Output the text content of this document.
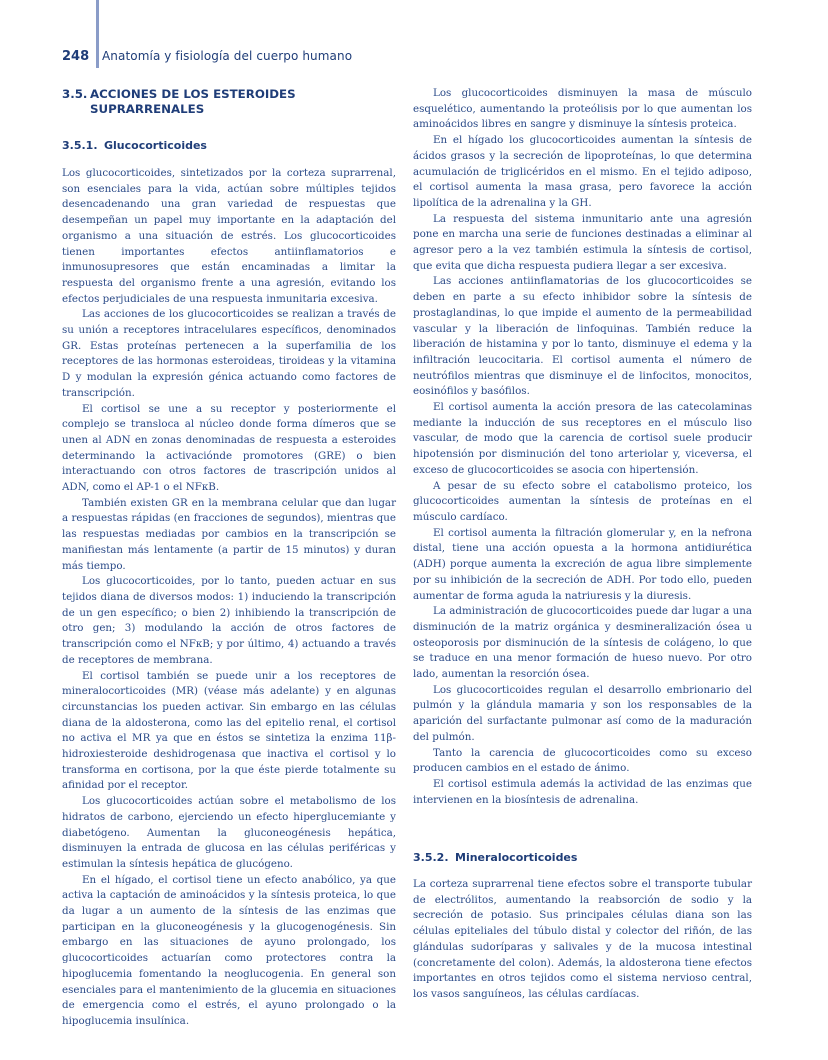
248 Anatomía y fisiología del cuerpo humano
3.5. ACCIONES DE LOS ESTEROIDES
SUPRARRENALES
3.5.1. Glucocorticoides

Los glucocorticoides, sintetizados por la corteza suprarrenal, son esenciales para la vida, actúan sobre múltiples tejidos desencadenando una gran variedad de respuestas que desempeñan un papel muy importante en la adaptación del organismo a una situación de estrés. Los glucocorticoides tienen importantes efectos antiinflamatorios e inmunosupresores que están encaminadas a limitar la respuesta del organismo frente a una agresión, evitando los efectos perjudiciales de una respuesta inmunitaria excesiva.

Las acciones de los glucocorticoides se realizan a través de su unión a receptores intracelulares específicos, denominados GR. Estas proteínas pertenecen a la superfamilia de los receptores de las hormonas esteroideas, tiroideas y la vitamina D y modulan la expresión génica actuando como factores de transcripción.

El cortisol se une a su receptor y posteriormente el complejo se transloca al núcleo donde forma dímeros que se unen al ADN en zonas denominadas de respuesta a esteroides determinando la activaciónde promotores (GRE) o bien interactuando con otros factores de trascripción unidos al ADN, como el AP-1 o el NFκB.

También existen GR en la membrana celular que dan lugar a respuestas rápidas (en fracciones de segundos), mientras que las respuestas mediadas por cambios en la transcripción se manifiestan más lentamente (a partir de 15 minutos) y duran más tiempo.

Los glucocorticoides, por lo tanto, pueden actuar en sus tejidos diana de diversos modos: 1) induciendo la transcripción de un gen específico; o bien 2) inhibiendo la transcripción de otro gen; 3) modulando la acción de otros factores de transcripción como el NFκB; y por último, 4) actuando a través de receptores de membrana.

El cortisol también se puede unir a los receptores de mineralocorticoides (MR) (véase más adelante) y en algunas circunstancias los pueden activar. Sin embargo en las células diana de la aldosterona, como las del epitelio renal, el cortisol no activa el MR ya que en éstos se sintetiza la enzima 11β-hidroxiesteroide deshidrogenasa que inactiva el cortisol y lo transforma en cortisona, por la que éste pierde totalmente su afinidad por el receptor.

Los glucocorticoides actúan sobre el metabolismo de los hidratos de carbono, ejerciendo un efecto hiperglucemiante y diabetógeno. Aumentan la gluconeogénesis hepática, disminuyen la entrada de glucosa en las células periféricas y estimulan la síntesis hepática de glucógeno.

En el hígado, el cortisol tiene un efecto anabólico, ya que activa la captación de aminoácidos y la síntesis proteica, lo que da lugar a un aumento de la síntesis de las enzimas que participan en la gluconeogénesis y la glucogenogénesis. Sin embargo en las situaciones de ayuno prolongado, los glucocorticoides actuarían como protectores contra la hipoglucemia fomentando la neoglucogenia. En general son esenciales para el mantenimiento de la glucemia en situaciones de emergencia como el estrés, el ayuno prolongado o la hipoglucemia insulínica.

Los glucocorticoides disminuyen la masa de músculo esquelético, aumentando la proteólisis por lo que aumentan los aminoácidos libres en sangre y disminuye la síntesis proteica.

En el hígado los glucocorticoides aumentan la síntesis de ácidos grasos y la secreción de lipoproteínas, lo que determina acumulación de triglicéridos en el mismo. En el tejido adiposo, el cortisol aumenta la masa grasa, pero favorece la acción lipolítica de la adrenalina y la GH.

La respuesta del sistema inmunitario ante una agresión pone en marcha una serie de funciones destinadas a eliminar al agresor pero a la vez también estimula la síntesis de cortisol, que evita que dicha respuesta pudiera llegar a ser excesiva.

Las acciones antiinflamatorias de los glucocorticoides se deben en parte a su efecto inhibidor sobre la síntesis de prostaglandinas, lo que impide el aumento de la permeabilidad vascular y la liberación de linfoquinas. También reduce la liberación de histamina y por lo tanto, disminuye el edema y la infiltración leucocitaria. El cortisol aumenta el número de neutrófilos mientras que disminuye el de linfocitos, monocitos, eosinófilos y basófilos.

El cortisol aumenta la acción presora de las catecolaminas mediante la inducción de sus receptores en el músculo liso vascular, de modo que la carencia de cortisol suele producir hipotensión por disminución del tono arteriolar y, viceversa, el exceso de glucocorticoides se asocia con hipertensión.

A pesar de su efecto sobre el catabolismo proteico, los glucocorticoides aumentan la síntesis de proteínas en el músculo cardíaco.

El cortisol aumenta la filtración glomerular y, en la nefrona distal, tiene una acción opuesta a la hormona antidiurética (ADH) porque aumenta la excreción de agua libre simplemente por su inhibición de la secreción de ADH. Por todo ello, pueden aumentar de forma aguda la natriuresis y la diuresis.

La administración de glucocorticoides puede dar lugar a una disminución de la matriz orgánica y desmineralización ósea u osteoporosis por disminución de la síntesis de colágeno, lo que se traduce en una menor formación de hueso nuevo. Por otro lado, aumentan la resorción ósea.

Los glucocorticoides regulan el desarrollo embrionario del pulmón y la glándula mamaria y son los responsables de la aparición del surfactante pulmonar así como de la maduración del pulmón.

Tanto la carencia de glucocorticoides como su exceso producen cambios en el estado de ánimo.

El cortisol estimula además la actividad de las enzimas que intervienen en la biosíntesis de adrenalina.

3.5.2. Mineralocorticoides

La corteza suprarrenal tiene efectos sobre el transporte tubular de electrólitos, aumentando la reabsorción de sodio y la secreción de potasio. Sus principales células diana son las células epiteliales del túbulo distal y colector del riñón, de las glándulas sudoríparas y salivales y de la mucosa intestinal (concretamente del colon). Además, la aldosterona tiene efectos importantes en otros tejidos como el sistema nervioso central, los vasos sanguíneos, las células cardíacas.
